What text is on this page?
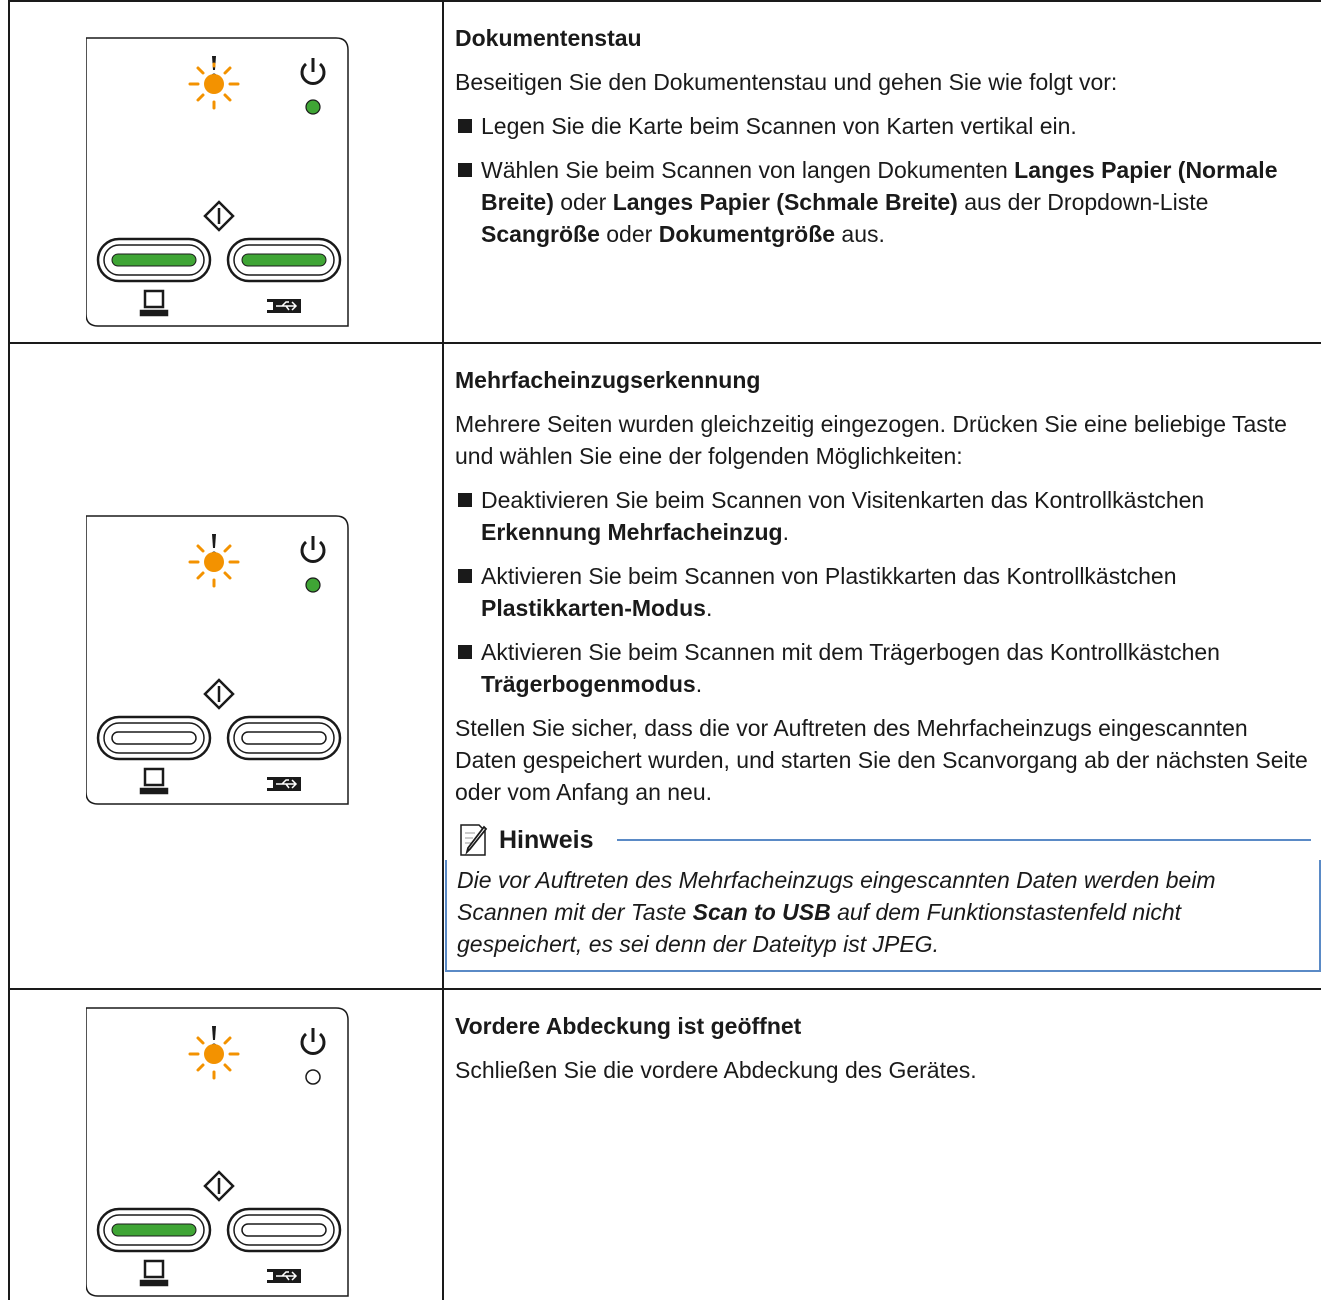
Dokumentenstau
Beseitigen Sie den Dokumentenstau und gehen Sie wie folgt vor:
Legen Sie die Karte beim Scannen von Karten vertikal ein.
Wählen Sie beim Scannen von langen Dokumenten Langes Papier (Normale Breite) oder Langes Papier (Schmale Breite) aus der Dropdown-Liste Scangröße oder Dokumentgröße aus.
Mehrfacheinzugserkennung
Mehrere Seiten wurden gleichzeitig eingezogen. Drücken Sie eine beliebige Taste und wählen Sie eine der folgenden Möglichkeiten:
Deaktivieren Sie beim Scannen von Visitenkarten das Kontrollkästchen Erkennung Mehrfacheinzug.
Aktivieren Sie beim Scannen von Plastikkarten das Kontrollkästchen Plastikkarten-Modus.
Aktivieren Sie beim Scannen mit dem Trägerbogen das Kontrollkästchen Trägerbogenmodus.
Stellen Sie sicher, dass die vor Auftreten des Mehrfacheinzugs eingescannten Daten gespeichert wurden, und starten Sie den Scanvorgang ab der nächsten Seite oder vom Anfang an neu.
Hinweis
Die vor Auftreten des Mehrfacheinzugs eingescannten Daten werden beim Scannen mit der Taste Scan to USB auf dem Funktionstastenfeld nicht gespeichert, es sei denn der Dateityp ist JPEG.
Vordere Abdeckung ist geöffnet
Schließen Sie die vordere Abdeckung des Gerätes.
